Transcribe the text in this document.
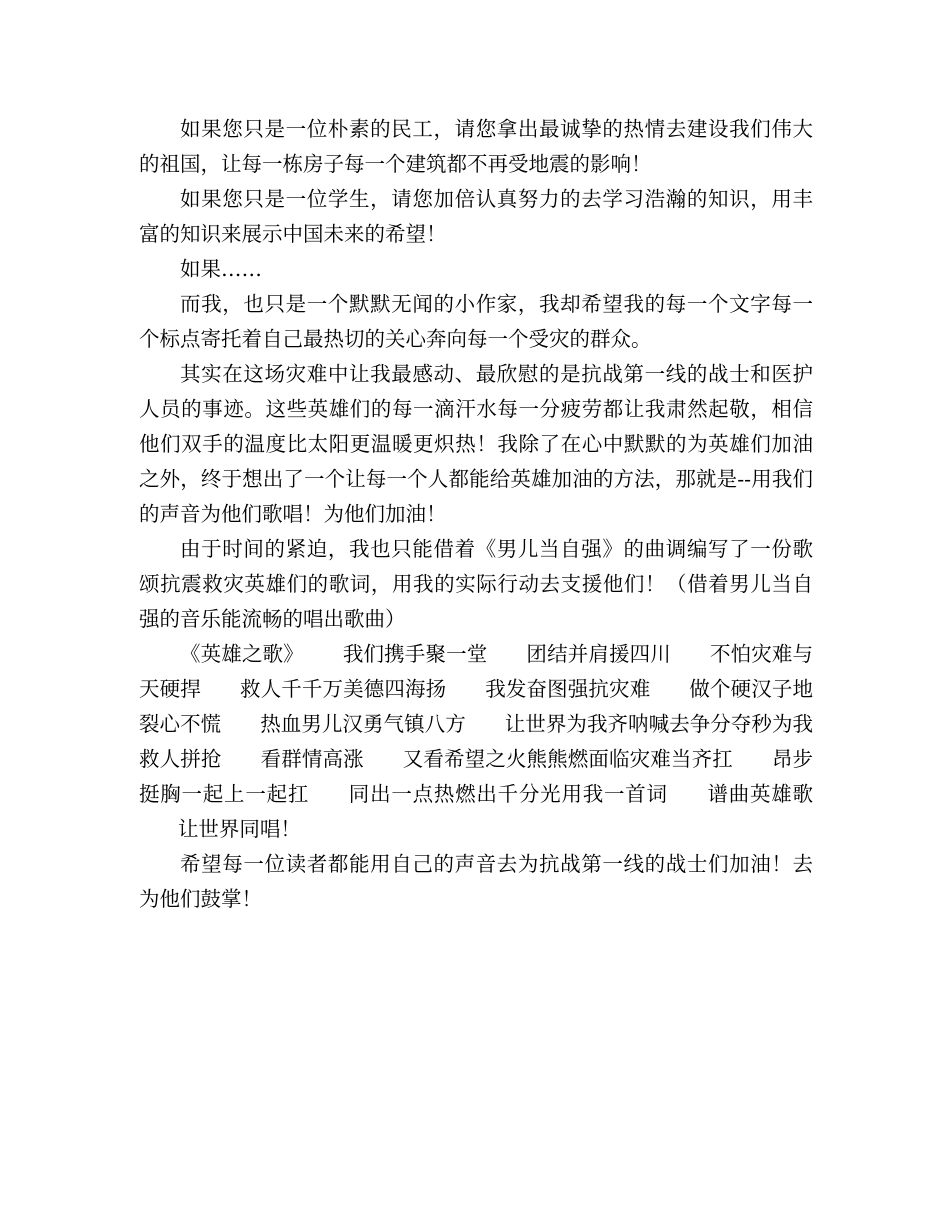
如果您只是一位朴素的民工，请您拿出最诚挚的热情去建设我们伟大的祖国，让每一栋房子每一个建筑都不再受地震的影响！

如果您只是一位学生，请您加倍认真努力的去学习浩瀚的知识，用丰富的知识来展示中国未来的希望！

如果……

而我，也只是一个默默无闻的小作家，我却希望我的每一个文字每一个标点寄托着自己最热切的关心奔向每一个受灾的群众。

其实在这场灾难中让我最感动、最欣慰的是抗战第一线的战士和医护人员的事迹。这些英雄们的每一滴汗水每一分疲劳都让我肃然起敬，相信他们双手的温度比太阳更温暖更炽热！我除了在心中默默的为英雄们加油之外，终于想出了一个让每一个人都能给英雄加油的方法，那就是--用我们的声音为他们歌唱！为他们加油！

由于时间的紧迫，我也只能借着《男儿当自强》的曲调编写了一份歌颂抗震救灾英雄们的歌词，用我的实际行动去支援他们！（借着男儿当自强的音乐能流畅的唱出歌曲）

《英雄之歌》 我们携手聚一堂 团结并肩援四川 不怕灾难与天硬捍 救人千千万美德四海扬 我发奋图强抗灾难 做个硬汉子地裂心不慌 热血男儿汉勇气镇八方 让世界为我齐呐喊去争分夺秒为我救人拼抢 看群情高涨 又看希望之火熊熊燃面临灾难当齐扛 昂步挺胸一起上一起扛 同出一点热燃出千分光用我一首词 谱曲英雄歌让世界同唱！

希望每一位读者都能用自己的声音去为抗战第一线的战士们加油！去为他们鼓掌！
